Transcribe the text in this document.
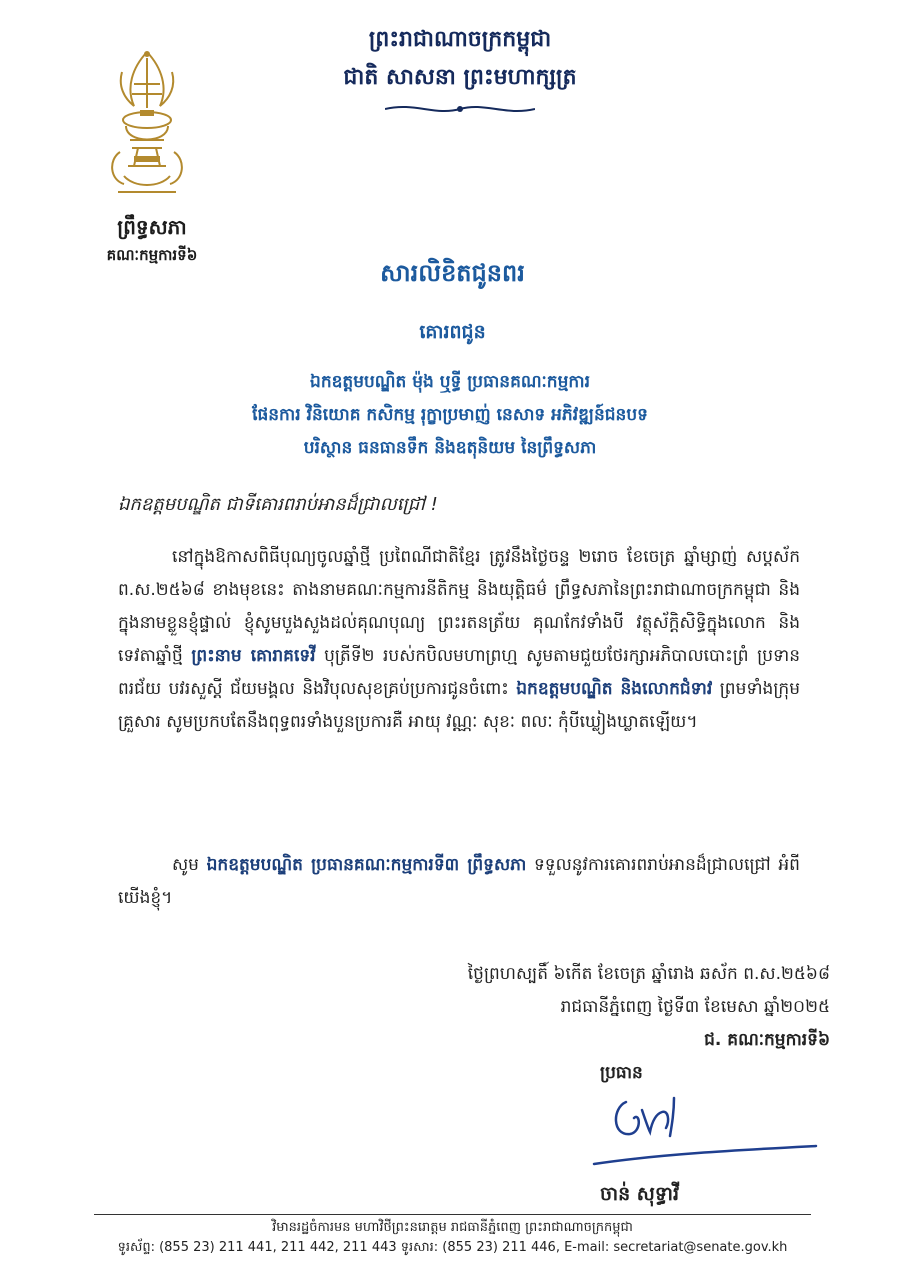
ព្រឹទ្ធសភា
គណៈកម្មការទី៦
ព្រះរាជាណាចក្រកម្ពុជា
ជាតិ សាសនា ព្រះមហាក្សត្រ
សារលិខិតជូនពរ
គោរពជូន
ឯកឧត្តមបណ្ឌិត ម៉ុង ឬទ្ធី ប្រធានគណៈកម្មការ
ផែនការ វិនិយោគ កសិកម្ម រុក្ខាប្រមាញ់ នេសាទ អភិវឌ្ឍន៍ជនបទ
បរិស្ថាន ធនធានទឹក និងឧតុនិយម នៃព្រឹទ្ធសភា
ឯកឧត្តមបណ្ឌិត ជាទីគោរពរាប់អានដ៏ជ្រាលជ្រៅ !
នៅក្នុងឱកាសពិធីបុណ្យចូលឆ្នាំថ្មី ប្រពៃណីជាតិខ្មែរ ត្រូវនឹងថ្ងៃចន្ទ ២រោច ខែចេត្រ ឆ្នាំម្សាញ់ សប្តស័ក ព.ស.២៥៦៨ ខាងមុខនេះ តាងនាមគណៈកម្មការនីតិកម្ម និងយុត្តិធម៌ ព្រឹទ្ធសភានៃព្រះរាជាណាចក្រកម្ពុជា និងក្នុងនាមខ្លួនខ្ញុំផ្ទាល់ ខ្ញុំសូមបួងសួងដល់គុណបុណ្យ ព្រះរតនត្រ័យ គុណកែវទាំងបី វត្ថុស័ក្តិសិទ្ធិក្នុងលោក និងទេវតាឆ្នាំថ្មី ព្រះនាម គោរាគទេវី បុត្រីទី២ របស់កបិលមហាព្រហ្ម សូមតាមជួយថែរក្សាអភិបាលបោះព្រំ ប្រទានពរជ័យ បវរសួស្តី ជ័យមង្គល និងវិបុលសុខគ្រប់ប្រការជូនចំពោះ ឯកឧត្តមបណ្ឌិត និងលោកជំទាវ ព្រមទាំងក្រុមគ្រួសារ សូមប្រកបតែនឹងពុទ្ធពរទាំងបួនប្រការគឺ អាយុ វណ្ណៈ សុខៈ ពលៈ កុំបីឃ្លៀងឃ្លាតឡើយ។
សូម ឯកឧត្តមបណ្ឌិត ប្រធានគណៈកម្មការទី៣ ព្រឹទ្ធសភា ទទួលនូវការគោរពរាប់អានដ៏ជ្រាលជ្រៅ អំពីយើងខ្ញុំ។
ថ្ងៃព្រហស្បតិ៍ ៦កើត ខែចេត្រ ឆ្នាំរោង ឆស័ក ព.ស.២៥៦៨
រាជធានីភ្នំពេញ ថ្ងៃទី៣ ខែមេសា ឆ្នាំ២០២៥
ជ. គណៈកម្មការទី៦
ប្រធាន
ចាន់ សុទ្ធាវី
វិមានរដ្ឋចំការមន មហាវិថីព្រះនរោត្តម រាជធានីភ្នំពេញ ព្រះរាជាណាចក្រកម្ពុជា
ទូរស័ព្ទ: (855 23) 211 441, 211 442, 211 443 ទូរសារ: (855 23) 211 446, E-mail: secretariat@senate.gov.kh
